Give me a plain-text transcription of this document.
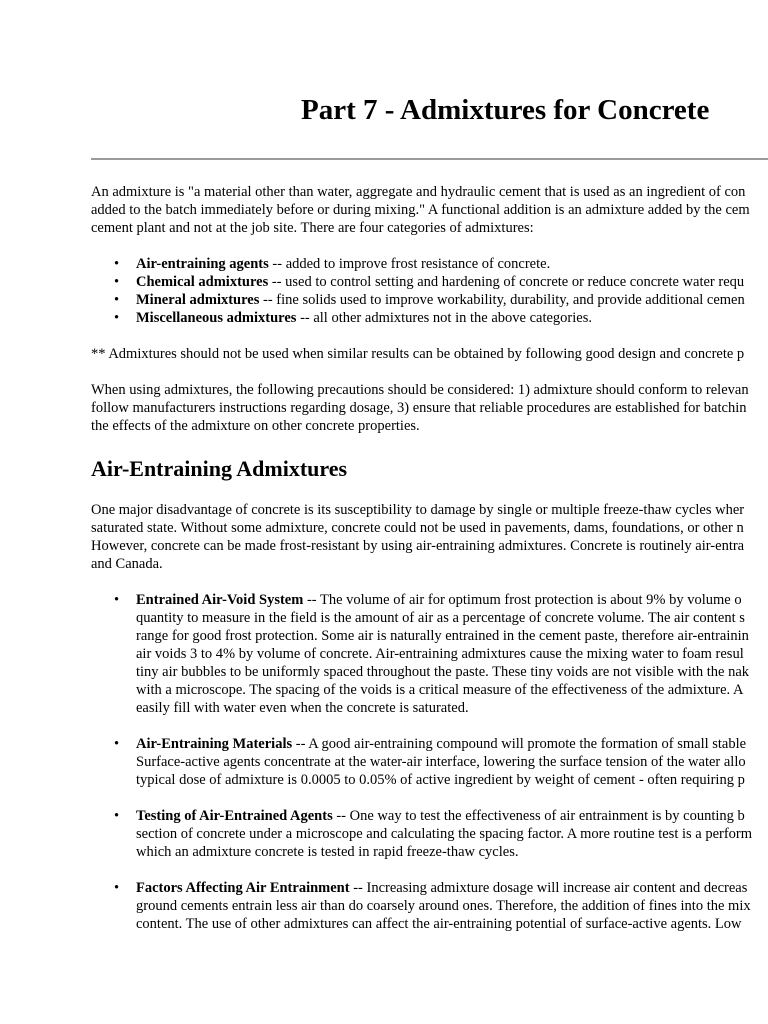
Part 7 - Admixtures for Concrete

An admixture is "a material other than water, aggregate and hydraulic cement that is used as an ingredient of con
added to the batch immediately before or during mixing." A functional addition is an admixture added by the cem
cement plant and not at the job site. There are four categories of admixtures:

• Air-entraining agents -- added to improve frost resistance of concrete.
• Chemical admixtures -- used to control setting and hardening of concrete or reduce concrete water requ
• Mineral admixtures -- fine solids used to improve workability, durability, and provide additional cemen
• Miscellaneous admixtures -- all other admixtures not in the above categories.

** Admixtures should not be used when similar results can be obtained by following good design and concrete p

When using admixtures, the following precautions should be considered: 1) admixture should conform to relevan
follow manufacturers instructions regarding dosage, 3) ensure that reliable procedures are established for batchin
the effects of the admixture on other concrete properties.

Air-Entraining Admixtures

One major disadvantage of concrete is its susceptibility to damage by single or multiple freeze-thaw cycles wher
saturated state. Without some admixture, concrete could not be used in pavements, dams, foundations, or other n
However, concrete can be made frost-resistant by using air-entraining admixtures. Concrete is routinely air-entra
and Canada.

• Entrained Air-Void System -- The volume of air for optimum frost protection is about 9% by volume o
quantity to measure in the field is the amount of air as a percentage of concrete volume. The air content s
range for good frost protection. Some air is naturally entrained in the cement paste, therefore air-entrainin
air voids 3 to 4% by volume of concrete. Air-entraining admixtures cause the mixing water to foam resul
tiny air bubbles to be uniformly spaced throughout the paste. These tiny voids are not visible with the nak
with a microscope. The spacing of the voids is a critical measure of the effectiveness of the admixture. A
easily fill with water even when the concrete is saturated.
• Air-Entraining Materials -- A good air-entraining compound will promote the formation of small stable
Surface-active agents concentrate at the water-air interface, lowering the surface tension of the water allo
typical dose of admixture is 0.0005 to 0.05% of active ingredient by weight of cement - often requiring p
• Testing of Air-Entrained Agents -- One way to test the effectiveness of air entrainment is by counting b
section of concrete under a microscope and calculating the spacing factor. A more routine test is a perform
which an admixture concrete is tested in rapid freeze-thaw cycles.
• Factors Affecting Air Entrainment -- Increasing admixture dosage will increase air content and decreas
ground cements entrain less air than do coarsely around ones. Therefore, the addition of fines into the mix
content. The use of other admixtures can affect the air-entraining potential of surface-active agents. Low
